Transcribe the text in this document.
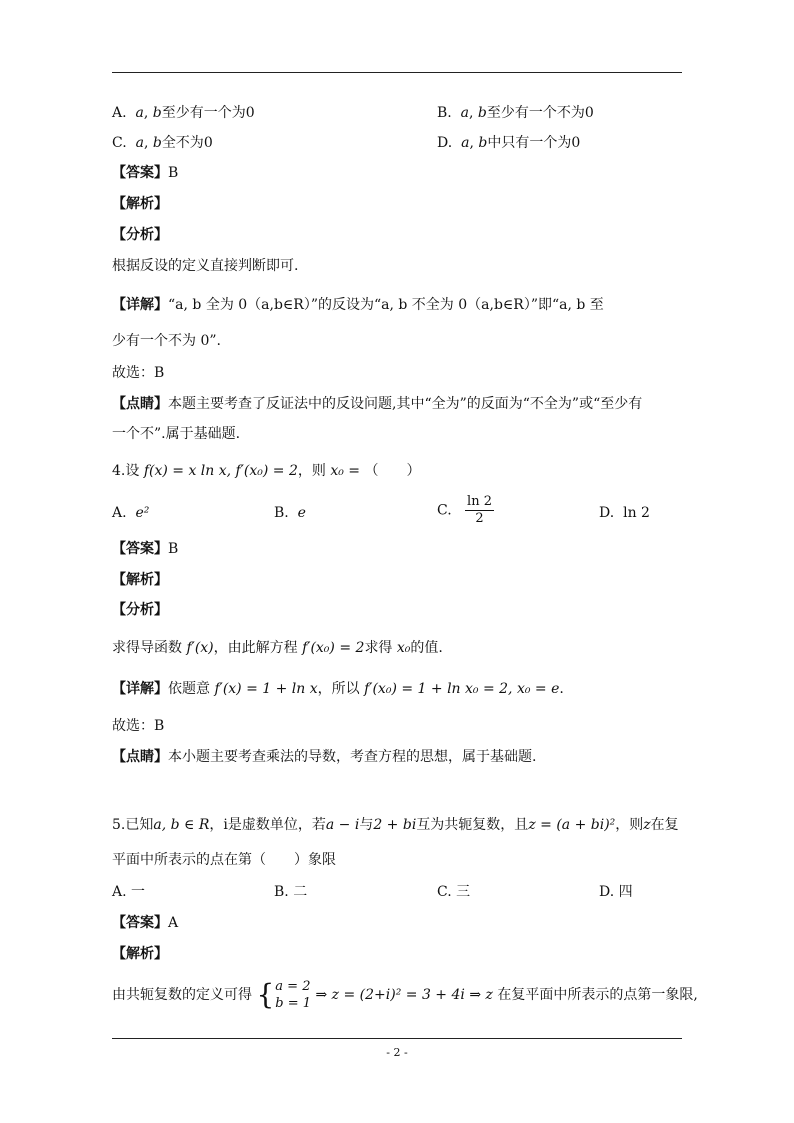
A. a, b至少有一个为0	B. a, b至少有一个不为0
C. a, b全不为0	D. a, b中只有一个为0
【答案】B
【解析】
【分析】
根据反设的定义直接判断即可.
【详解】“a, b 全为 0（a,b∈R）”的反设为“a, b 不全为 0（a,b∈R）”即“a, b 至
少有一个不为 0”.
故选：B
【点睛】本题主要考查了反证法中的反设问题,其中“全为”的反面为“不全为”或“至少有
一个不”.属于基础题.
4.设 f(x) = x ln x, f′(x₀) = 2，则 x₀ = （　　）
A. e²	B. e	C. $\frac{\ln 2}{2}$	D. ln 2
【答案】B
【解析】
【分析】
求得导函数 f′(x)，由此解方程 f′(x₀) = 2求得 x₀的值.
【详解】依题意 f′(x) = 1 + ln x，所以 f′(x₀) = 1 + ln x₀ = 2, x₀ = e.
故选：B
【点睛】本小题主要考查乘法的导数，考查方程的思想，属于基础题.
5.已知a, b ∈ R，i是虚数单位，若a − i与2 + bi互为共轭复数，且z = (a + bi)²，则z在复
平面中所表示的点在第（　　）象限
A. 一	B. 二	C. 三	D. 四
【答案】A
【解析】
由共轭复数的定义可得 { a = 2
b = 1
⇒ z = (2+i)² = 3 + 4i ⇒ z 在复平面中所表示的点第一象限,
- 2 -
